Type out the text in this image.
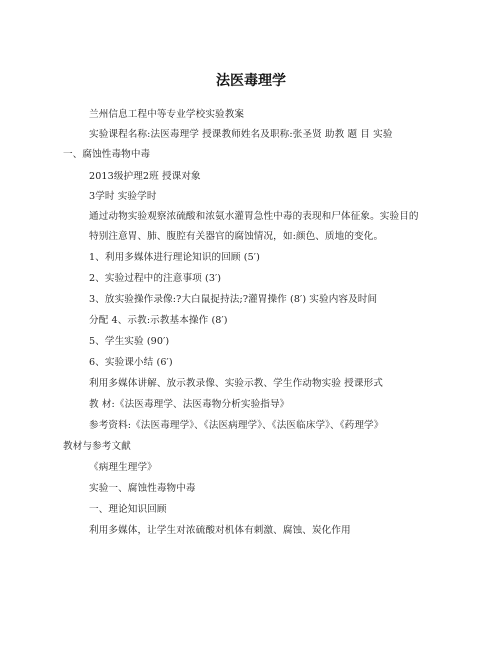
法医毒理学
兰州信息工程中等专业学校实验教案
实验课程名称:法医毒理学 授课教师姓名及职称:张圣贤 助教 题 目 实验
一、腐蚀性毒物中毒
2013级护理2班 授课对象
3学时 实验学时
通过动物实验观察浓硫酸和浓氨水灌胃急性中毒的表现和尸体征象。实验目的
特别注意胃、肺、腹腔有关器官的腐蚀情况，如:颜色、质地的变化。
1、利用多媒体进行理论知识的回顾 (5′)
2、实验过程中的注意事项 (3′)
3、放实验操作录像:?大白鼠捉持法;?灌胃操作 (8′) 实验内容及时间
分配 4、示教:示教基本操作 (8′)
5、学生实验 (90′)
6、实验课小结 (6′)
利用多媒体讲解、放示教录像、实验示教、学生作动物实验 授课形式
教 材:《法医毒理学、法医毒物分析实验指导》
参考资料:《法医毒理学》、《法医病理学》、《法医临床学》、《药理学》
教材与参考文献
《病理生理学》
实验一、腐蚀性毒物中毒
一、理论知识回顾
利用多媒体，让学生对浓硫酸对机体有刺激、腐蚀、炭化作用
